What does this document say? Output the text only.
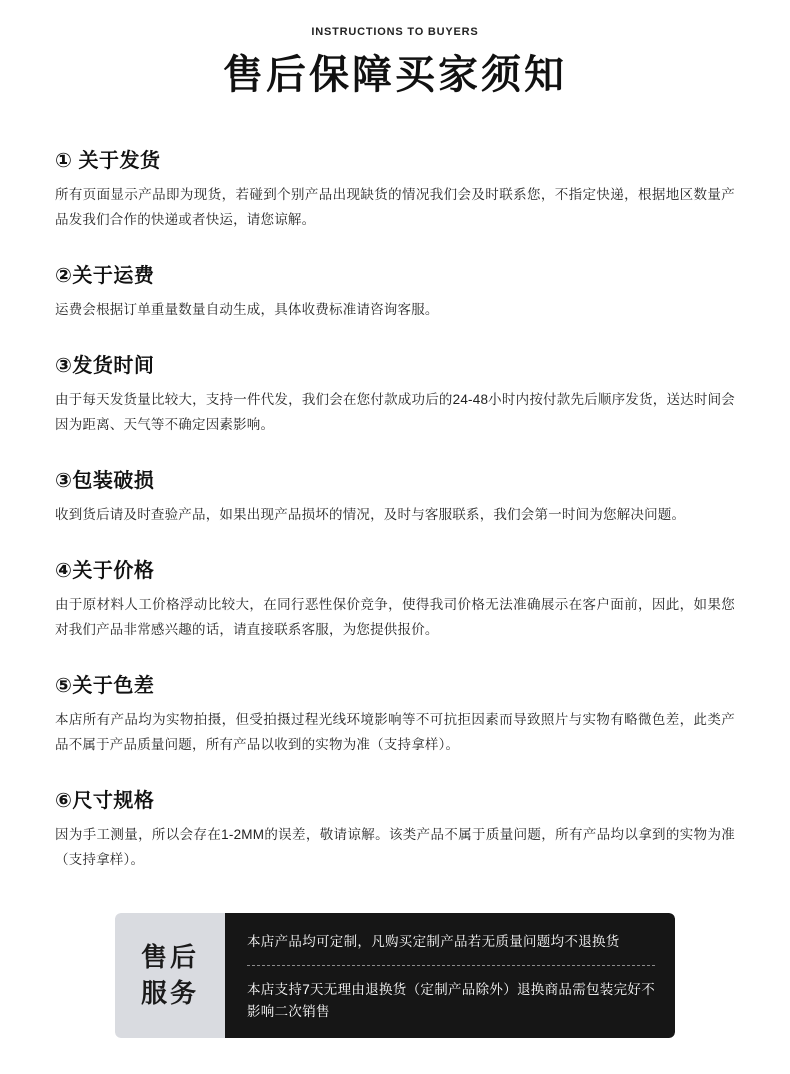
INSTRUCTIONS TO BUYERS
售后保障买家须知
① 关于发货
所有页面显示产品即为现货，若碰到个别产品出现缺货的情况我们会及时联系您，不指定快递，根据地区数量产品发我们合作的快递或者快运，请您谅解。
②关于运费
运费会根据订单重量数量自动生成，具体收费标准请咨询客服。
③发货时间
由于每天发货量比较大，支持一件代发，我们会在您付款成功后的24-48小时内按付款先后顺序发货，送达时间会因为距离、天气等不确定因素影响。
③包装破损
收到货后请及时查验产品，如果出现产品损坏的情况，及时与客服联系，我们会第一时间为您解决问题。
④关于价格
由于原材料人工价格浮动比较大，在同行恶性保价竞争，使得我司价格无法准确展示在客户面前，因此，如果您对我们产品非常感兴趣的话，请直接联系客服，为您提供报价。
⑤关于色差
本店所有产品均为实物拍摄，但受拍摄过程光线环境影响等不可抗拒因素而导致照片与实物有略微色差，此类产品不属于产品质量问题，所有产品以收到的实物为准（支持拿样）。
⑥尺寸规格
因为手工测量，所以会存在1-2MM的误差，敬请谅解。该类产品不属于质量问题，所有产品均以拿到的实物为准（支持拿样）。
售后
服务
本店产品均可定制，凡购买定制产品若无质量问题均不退换货
本店支持7天无理由退换货（定制产品除外）退换商品需包装完好不影响二次销售
